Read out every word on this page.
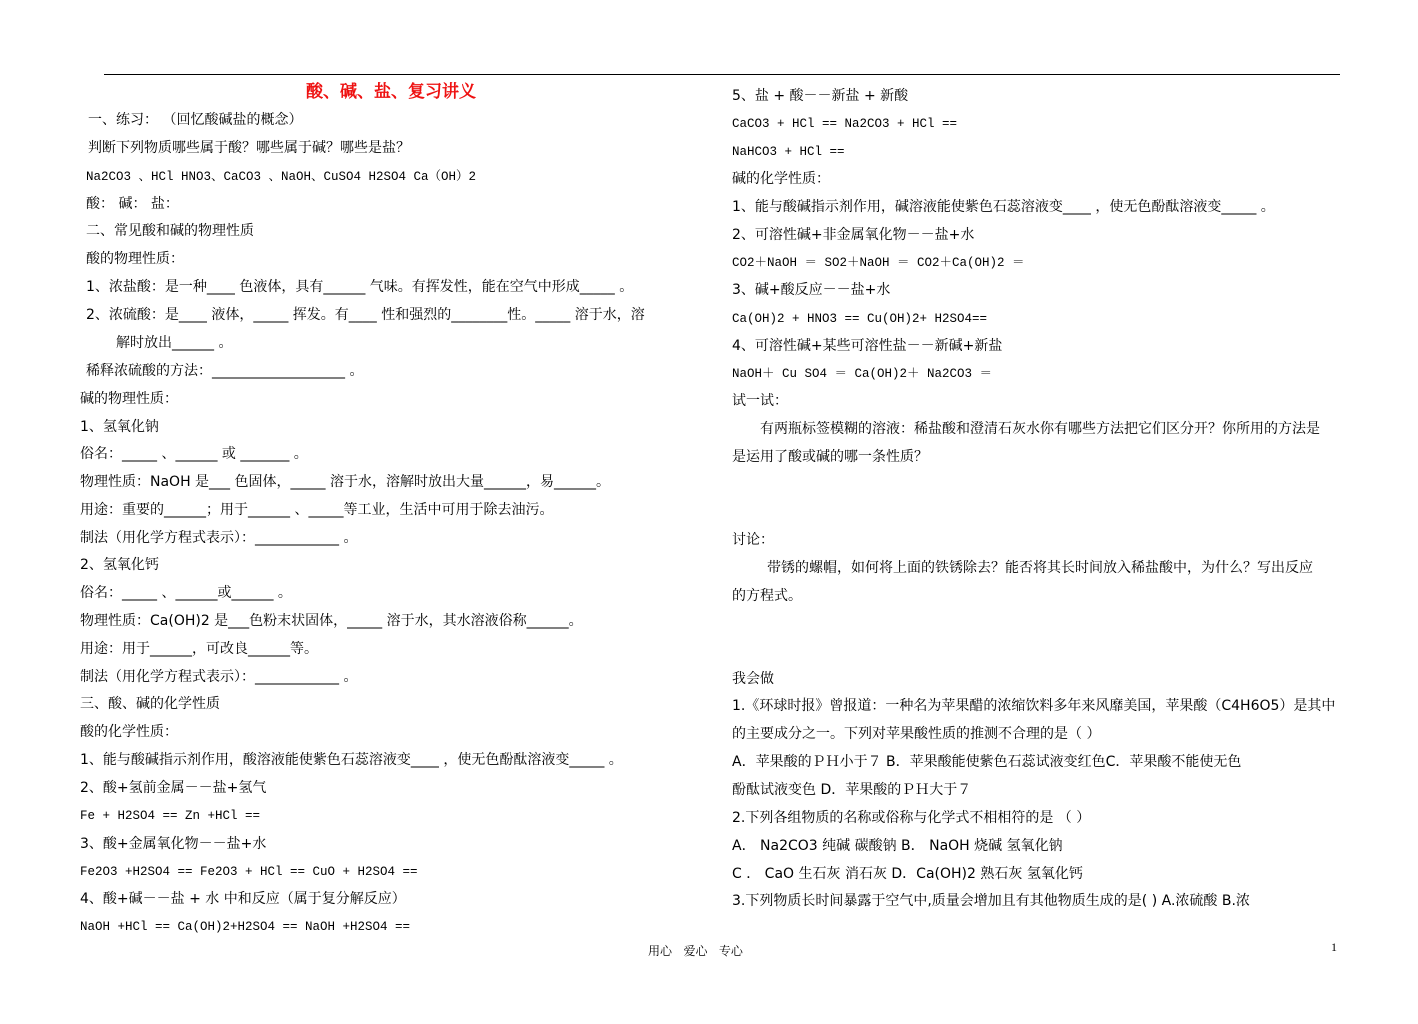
酸、碱、盐、复习讲义
一、练习： （回忆酸碱盐的概念）
判断下列物质哪些属于酸？哪些属于碱？哪些是盐？
Na2CO3 、HCl HNO3、CaCO3 、NaOH、CuSO4 H2SO4 Ca（OH）2
酸： 碱： 盐：
二、常见酸和碱的物理性质
酸的物理性质：
1、浓盐酸：是一种____ 色液体，具有______ 气味。有挥发性，能在空气中形成_____ 。
2、浓硫酸：是____ 液体，_____ 挥发。有____ 性和强烈的________性。_____ 溶于水，溶
解时放出______ 。
稀释浓硫酸的方法：___________________ 。
碱的物理性质：
1、氢氧化钠
俗名：_____ 、______ 或 _______ 。
物理性质：NaOH 是___ 色固体，_____ 溶于水，溶解时放出大量______，易______。
用途：重要的______；用于______ 、_____等工业，生活中可用于除去油污。
制法（用化学方程式表示）：____________ 。
2、氢氧化钙
俗名：_____ 、______或______ 。
物理性质：Ca(OH)2 是___色粉末状固体，_____ 溶于水，其水溶液俗称______。
用途：用于______，可改良______等。
制法（用化学方程式表示）：____________ 。
三、酸、碱的化学性质
酸的化学性质：
1、能与酸碱指示剂作用，酸溶液能使紫色石蕊溶液变____ ，使无色酚酞溶液变_____ 。
2、酸+氢前金属－－盐+氢气
Fe + H2SO4 == Zn +HCl ==
3、酸+金属氧化物－－盐+水
Fe2O3 +H2SO4 == Fe2O3 + HCl == CuO + H2SO4 ==
4、酸+碱－－盐 + 水 中和反应（属于复分解反应）
NaOH +HCl == Ca(OH)2+H2SO4 == NaOH +H2SO4 ==
5、盐 + 酸－－新盐 + 新酸
CaCO3 + HCl == Na2CO3 + HCl ==
NaHCO3 + HCl ==
碱的化学性质：
1、能与酸碱指示剂作用，碱溶液能使紫色石蕊溶液变____ ，使无色酚酞溶液变_____ 。
2、可溶性碱+非金属氧化物－－盐+水
CO2＋NaOH ＝ SO2＋NaOH ＝ CO2＋Ca(OH)2 ＝
3、碱+酸反应－－盐+水
Ca(OH)2 + HNO3 == Cu(OH)2+ H2SO4==
4、可溶性碱+某些可溶性盐－－新碱+新盐
NaOH＋ Cu SO4 ＝ Ca(OH)2＋ Na2CO3 ＝
试一试：
有两瓶标签模糊的溶液：稀盐酸和澄清石灰水你有哪些方法把它们区分开？你所用的方法是
是运用了酸或碱的哪一条性质？
讨论：
带锈的螺帽，如何将上面的铁锈除去？能否将其长时间放入稀盐酸中，为什么？写出反应
的方程式。
我会做
1.《环球时报》曾报道：一种名为苹果醋的浓缩饮料多年来风靡美国，苹果酸（C4H6O5）是其中
的主要成分之一。下列对苹果酸性质的推测不合理的是（ ）
A．苹果酸的ＰＨ小于７ B．苹果酸能使紫色石蕊试液变红色C．苹果酸不能使无色
酚酞试液变色 D．苹果酸的ＰＨ大于７
2.下列各组物质的名称或俗称与化学式不相相符的是 （ ）
A． Na2CO3 纯碱 碳酸钠 B． NaOH 烧碱 氢氧化钠
C ． CaO 生石灰 消石灰 D．Ca(OH)2 熟石灰 氢氧化钙
3.下列物质长时间暴露于空气中,质量会增加且有其他物质生成的是( ) A.浓硫酸 B.浓
用心   爱心   专心	1
